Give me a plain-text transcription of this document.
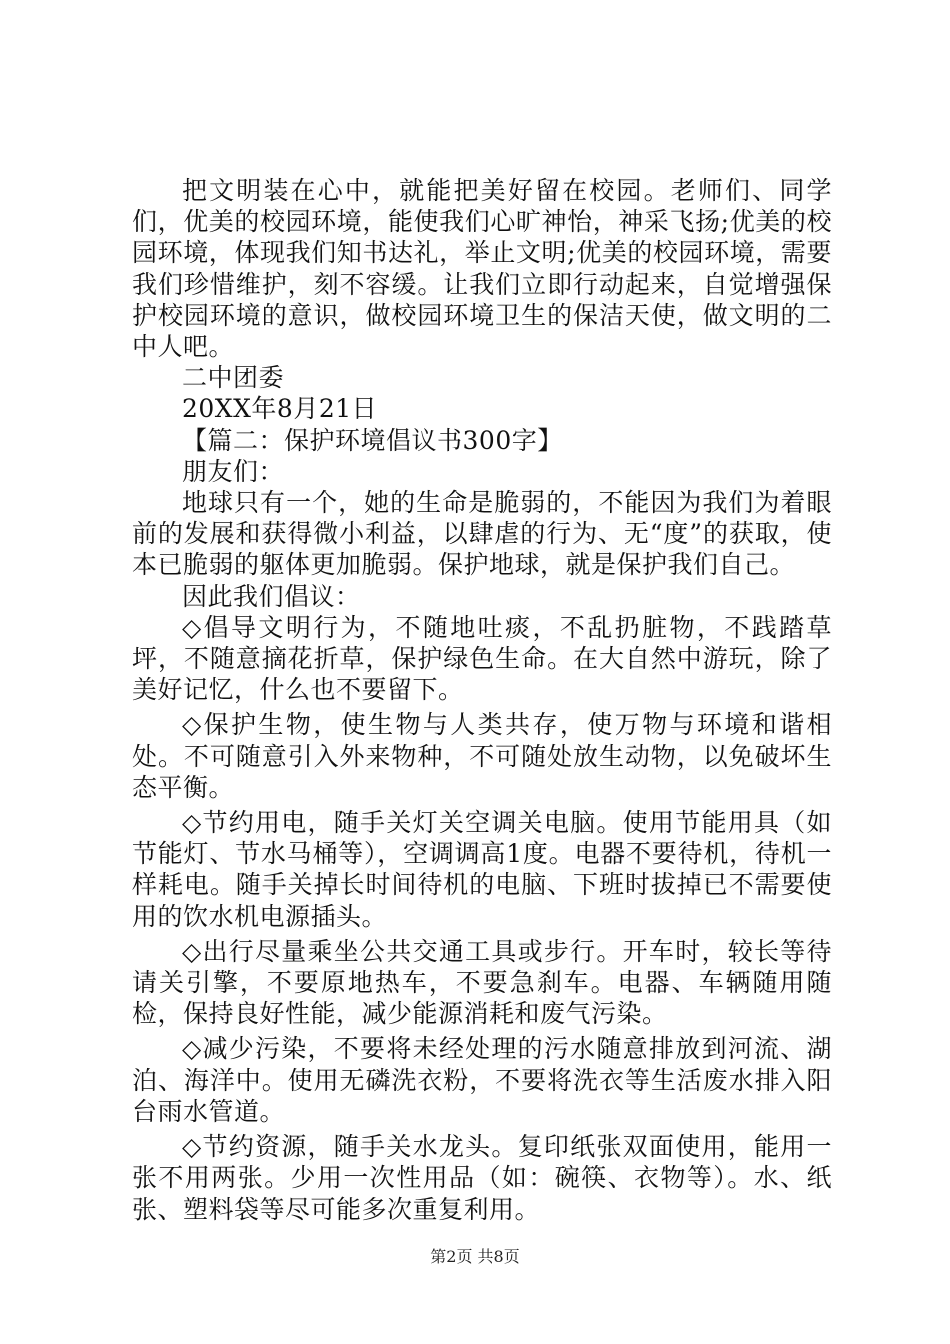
把文明装在心中，就能把美好留在校园。老师们、同学们，优美的校园环境，能使我们心旷神怡，神采飞扬;优美的校园环境，体现我们知书达礼，举止文明;优美的校园环境，需要我们珍惜维护，刻不容缓。让我们立即行动起来，自觉增强保护校园环境的意识，做校园环境卫生的保洁天使，做文明的二中人吧。

二中团委

20XX年8月21日

【篇二：保护环境倡议书300字】

朋友们：

地球只有一个，她的生命是脆弱的，不能因为我们为着眼前的发展和获得微小利益，以肆虐的行为、无“度”的获取，使本已脆弱的躯体更加脆弱。保护地球，就是保护我们自己。

因此我们倡议：

◇倡导文明行为，不随地吐痰，不乱扔脏物，不践踏草坪，不随意摘花折草，保护绿色生命。在大自然中游玩，除了美好记忆，什么也不要留下。

◇保护生物，使生物与人类共存，使万物与环境和谐相处。不可随意引入外来物种，不可随处放生动物，以免破坏生态平衡。

◇节约用电，随手关灯关空调关电脑。使用节能用具（如节能灯、节水马桶等），空调调高1度。电器不要待机，待机一样耗电。随手关掉长时间待机的电脑、下班时拔掉已不需要使用的饮水机电源插头。

◇出行尽量乘坐公共交通工具或步行。开车时，较长等待请关引擎，不要原地热车，不要急刹车。电器、车辆随用随检，保持良好性能，减少能源消耗和废气污染。

◇减少污染，不要将未经处理的污水随意排放到河流、湖泊、海洋中。使用无磷洗衣粉，不要将洗衣等生活废水排入阳台雨水管道。

◇节约资源，随手关水龙头。复印纸张双面使用，能用一张不用两张。少用一次性用品（如：碗筷、衣物等）。水、纸张、塑料袋等尽可能多次重复利用。

第2页 共8页
